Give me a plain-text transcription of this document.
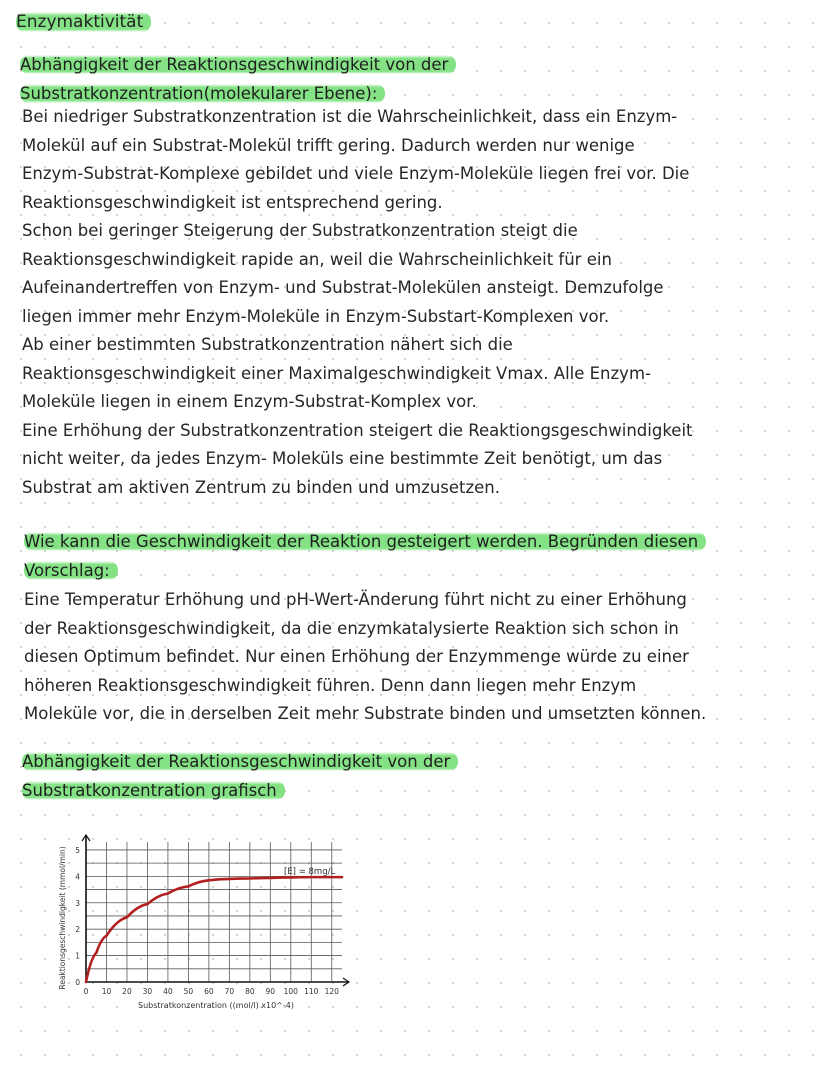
Enzymaktivität
Abhängigkeit der Reaktionsgeschwindigkeit von der
Substratkonzentration(molekularer Ebene):
Bei niedriger Substratkonzentration ist die Wahrscheinlichkeit, dass ein Enzym-
Molekül auf ein Substrat-Molekül trifft gering. Dadurch werden nur wenige
Enzym-Substrat-Komplexe gebildet und viele Enzym-Moleküle liegen frei vor. Die
Reaktionsgeschwindigkeit ist entsprechend gering.
Schon bei geringer Steigerung der Substratkonzentration steigt die
Reaktionsgeschwindigkeit rapide an, weil die Wahrscheinlichkeit für ein
Aufeinandertreffen von Enzym- und Substrat-Molekülen ansteigt. Demzufolge
liegen immer mehr Enzym-Moleküle in Enzym-Substart-Komplexen vor.
Ab einer bestimmten Substratkonzentration nähert sich die
Reaktionsgeschwindigkeit einer Maximalgeschwindigkeit Vmax. Alle Enzym-
Moleküle liegen in einem Enzym-Substrat-Komplex vor.
Eine Erhöhung der Substratkonzentration steigert die Reaktiongsgeschwindigkeit
nicht weiter, da jedes Enzym- Moleküls eine bestimmte Zeit benötigt, um das
Substrat am aktiven Zentrum zu binden und umzusetzen.
Wie kann die Geschwindigkeit der Reaktion gesteigert werden. Begründen diesen
Vorschlag:
Eine Temperatur Erhöhung und pH-Wert-Änderung führt nicht zu einer Erhöhung
der Reaktionsgeschwindigkeit, da die enzymkatalysierte Reaktion sich schon in
diesen Optimum befindet. Nur einen Erhöhung der Enzymmenge würde zu einer
höheren Reaktionsgeschwindigkeit führen. Denn dann liegen mehr Enzym
Moleküle vor, die in derselben Zeit mehr Substrate binden und umsetzten können.
Abhängigkeit der Reaktionsgeschwindigkeit von der
Substratkonzentration grafisch
0 10 20 30 40 50 60 70 80 90 100 110 120
0
1
2
3
4
5
[E] = 8mg/L
Substratkonzentration ((mol/l) x10^-4)
Reaktionsgeschwindigkeit (mmol/min)
